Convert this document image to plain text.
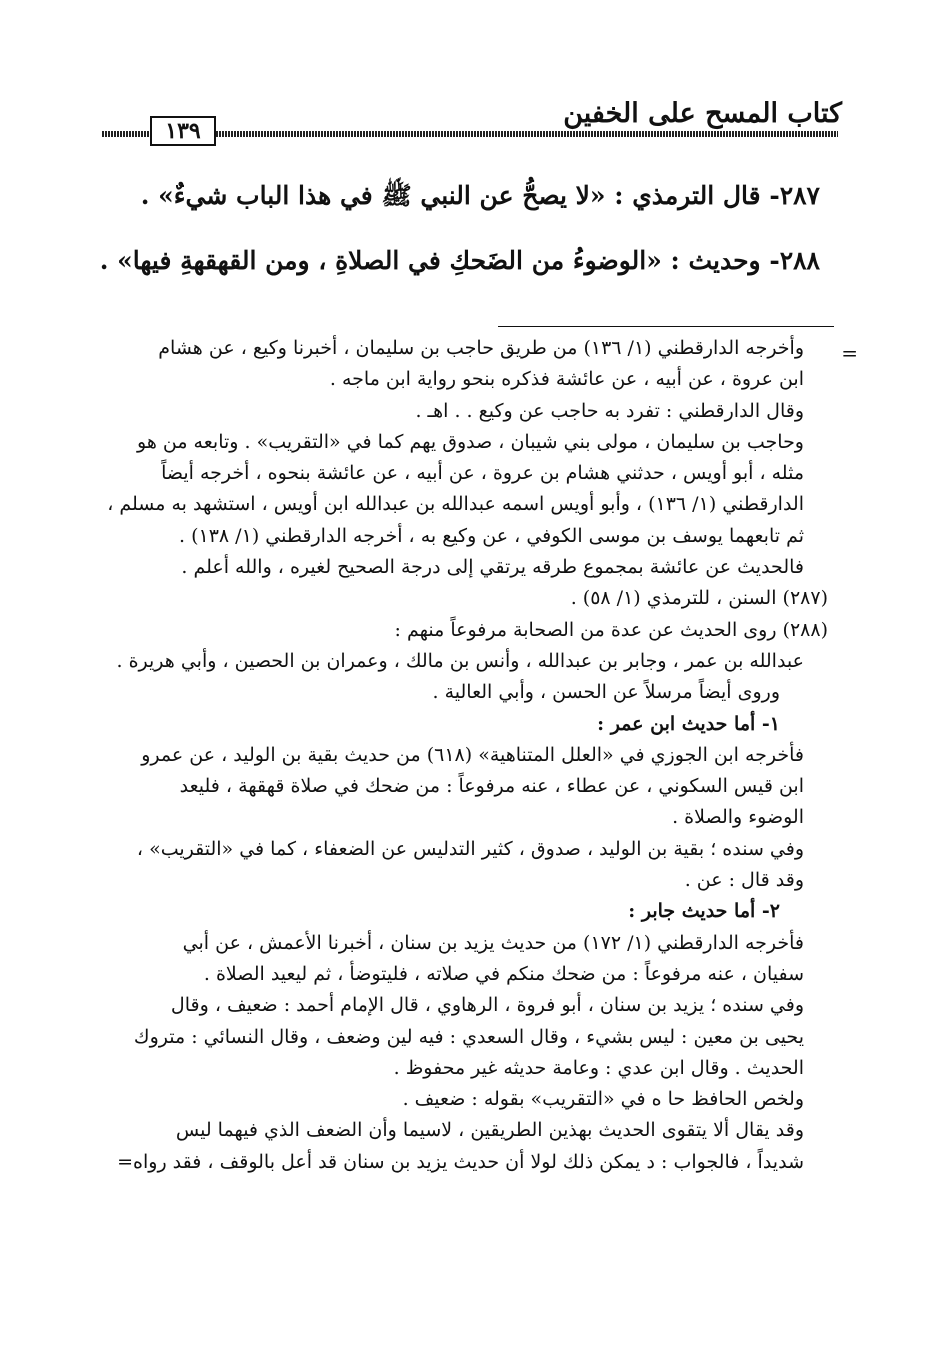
كتاب المسح على الخفين
١٣٩
٢٨٧- قال الترمذي : «لا يصحُّ عن النبي ﷺ في هذا الباب شيءٌ» .
٢٨٨- وحديث : «الوضوءُ من الضَحكِ في الصلاةِ ، ومن القهقهةِ فيها» .
=

وأخرجه الدارقطني (١/ ١٣٦) من طريق حاجب بن سليمان ، أخبرنا وكيع ، عن هشام

ابن عروة ، عن أبيه ، عن عائشة فذكره بنحو رواية ابن ماجه .

وقال الدارقطني : تفرد به حاجب عن وكيع . . اهـ .

وحاجب بن سليمان ، مولى بني شيبان ، صدوق يهم كما في «التقريب» . وتابعه من هو

مثله ، أبو أويس ، حدثني هشام بن عروة ، عن أبيه ، عن عائشة بنحوه ، أخرجه أيضاً

الدارقطني (١/ ١٣٦) ، وأبو أويس اسمه عبدالله بن عبدالله ابن أويس ، استشهد به مسلم ،

ثم تابعهما يوسف بن موسى الكوفي ، عن وكيع به ، أخرجه الدارقطني (١/ ١٣٨) .

فالحديث عن عائشة بمجموع طرقه يرتقي إلى درجة الصحيح لغيره ، والله أعلم .

(٢٨٧) السنن ، للترمذي (١/ ٥٨) .

(٢٨٨) روى الحديث عن عدة من الصحابة مرفوعاً منهم :

عبدالله بن عمر ، وجابر بن عبدالله ، وأنس بن مالك ، وعمران بن الحصين ، وأبي هريرة .

وروى أيضاً مرسلاً عن الحسن ، وأبي العالية .

١- أما حديث ابن عمر :

فأخرجه ابن الجوزي في «العلل المتناهية» (٦١٨) من حديث بقية بن الوليد ، عن عمرو

ابن قيس السكوني ، عن عطاء ، عنه مرفوعاً : من ضحك في صلاة قهقهة ، فليعد

الوضوء والصلاة .

وفي سنده ؛ بقية بن الوليد ، صدوق ، كثير التدليس عن الضعفاء ، كما في «التقريب» ،

وقد قال : عن .

٢- أما حديث جابر :

فأخرجه الدارقطني (١/ ١٧٢) من حديث يزيد بن سنان ، أخبرنا الأعمش ، عن أبي

سفيان ، عنه مرفوعاً : من ضحك منكم في صلاته ، فليتوضأ ، ثم ليعيد الصلاة .

وفي سنده ؛ يزيد بن سنان ، أبو فروة ، الرهاوي ، قال الإمام أحمد : ضعيف ، وقال

يحيى بن معين : ليس بشيء ، وقال السعدي : فيه لين وضعف ، وقال النسائي : متروك

الحديث . وقال ابن عدي : وعامة حديثه غير محفوظ .

ولخص الحافظ حا ه في «التقريب» بقوله : ضعيف .

وقد يقال ألا يتقوى الحديث بهذين الطريقين ، لاسيما وأن الضعف الذي فيهما ليس

شديداً ، فالجواب : د يمكن ذلك لولا أن حديث يزيد بن سنان قد أعل بالوقف ، فقد رواه=
